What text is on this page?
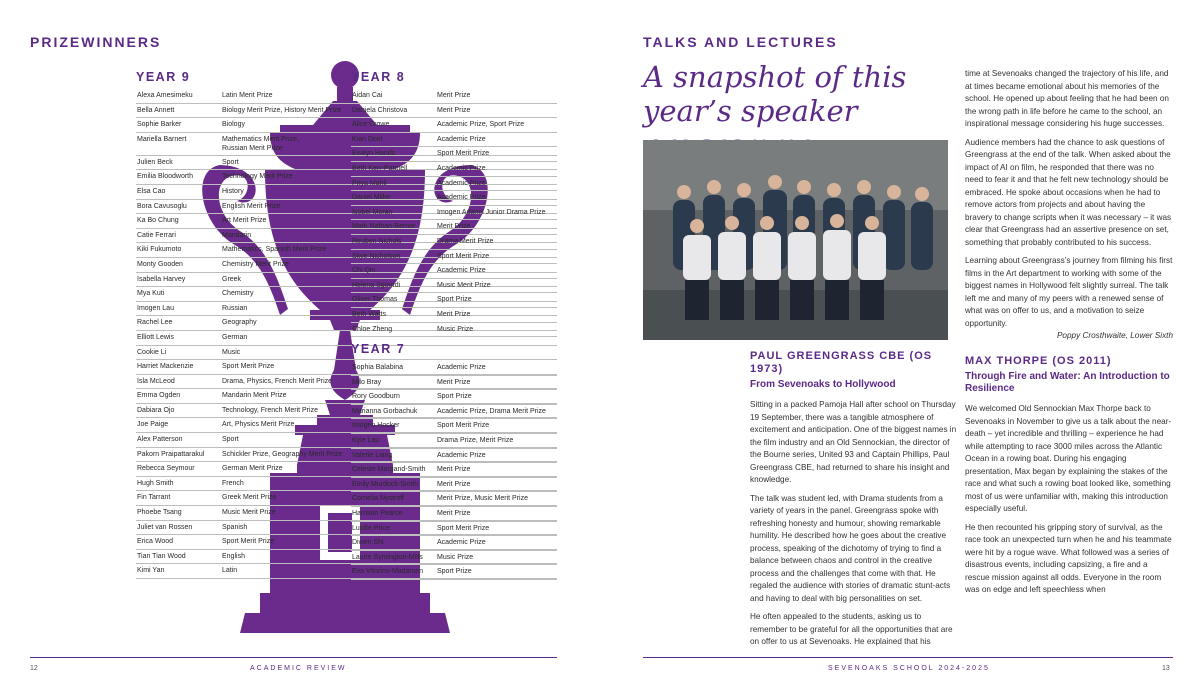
PRIZEWINNERS
YEAR 9
Alexa Amesimeku	Latin Merit Prize
Bella Annett	Biology Merit Prize, History Merit Prize
Sophie Barker	Biology
Mariella Barnert	Mathematics Merit Prize,
Russian Merit Prize
Julien Beck	Sport
Emilia Bloodworth	Technology Merit Prize
Elsa Cao	History
Bora Cavusoglu	English Merit Prize
Ka Bo Chung	Art Merit Prize
Catie Ferrari	Mandarin
Kiki Fukumoto	Mathematics, Spanish Merit Prize
Monty Gooden	Chemistry Merit Prize
Isabella Harvey	Greek
Mya Kuti	Chemistry
Imogen Lau	Russian
Rachel Lee	Geography
Elliott Lewis	German
Cookie Li	Music
Harriet Mackenzie	Sport Merit Prize
Isla McLeod	Drama, Physics, French Merit Prize
Emma Ogden	Mandarin Merit Prize
Dabiara Ojo	Technology, French Merit Prize
Joe Paige	Art, Physics Merit Prize
Alex Patterson	Sport
Pakorn Praipattarakul	Schickler Prize, Geography Merit Prize
Rebecca Seymour	German Merit Prize
Hugh Smith	French
Fin Tarrant	Greek Merit Prize
Phoebe Tsang	Music Merit Prize
Juliet van Rossen	Spanish
Erica Wood	Sport Merit Prize
Tian Tian Wood	English
Kimi Yan	Latin
YEAR 8
Aidan Cai	Merit Prize
Daniela Christova	Merit Prize
Alice Crowe	Academic Prize, Sport Prize
Kian Doel	Academic Prize
Evalyn Hands	Sport Merit Prize
Beth Kerr-Pannell	Academic Prize
Priya Mahli	Academic Prize
Daniel Miller	Academic Prize
Isobel Moran	Imogen Adams Junior Drama Prize
Mark Nathan-Berner	Merit Prize
Reuben Nichols	Drama Merit Prize
Skye Nicholson	Sport Merit Prize
Chi Qin	Academic Prize
Helena Sgourdi	Music Merit Prize
Oliver Thomas	Sport Prize
Beth Watts	Merit Prize
Chloe Zheng	Music Prize
YEAR 7
Sophia Balabina	Academic Prize
Milo Bray	Merit Prize
Rory Goodburn	Sport Prize
Marianna Gorbachuk	Academic Prize, Drama Merit Prize
Imogen Hocker	Sport Merit Prize
Kyle Lau	Drama Prize, Merit Prize
Valerie Liang	Academic Prize
Celeste Margand-Smith	Merit Prize
Emily Murdock-Smith	Merit Prize
Cornelia Nystroff	Merit Prize, Music Merit Prize
Harrison Pearce	Merit Prize
Lucille Price	Sport Merit Prize
Diwen Shi	Academic Prize
Laurie Symington-Mills	Music Prize
Eva Vitorino-Madarsen	Sport Prize
12	ACADEMIC REVIEW
TALKS AND LECTURES
A snapshot of this year’s speaker
PAUL GREENGRASS CBE (OS 1973)
From Sevenoaks to Hollywood

Sitting in a packed Pamoja Hall after school on Thursday 19 September, there was a tangible atmosphere of excitement and anticipation. One of the biggest names in the film industry and an Old Sennockian, the director of the Bourne series, United 93 and Captain Phillips, Paul Greengrass CBE, had returned to share his insight and knowledge.

The talk was student led, with Drama students from a variety of years in the panel. Greengrass spoke with refreshing honesty and humour, showing remarkable humility. He described how he goes about the creative process, speaking of the dichotomy of trying to find a balance between chaos and control in the creative process and the challenges that come with that. He regaled the audience with stories of dramatic stunt-acts and having to deal with big personalities on set.

He often appealed to the students, asking us to remember to be grateful for all the opportunities that are on offer to us at Sevenoaks. He explained that his

time at Sevenoaks changed the trajectory of his life, and at times became emotional about his memories of the school. He opened up about feeling that he had been on the wrong path in life before he came to the school, an inspirational message considering his huge successes.

Audience members had the chance to ask questions of Greengrass at the end of the talk. When asked about the impact of AI on film, he responded that there was no need to fear it and that he felt new technology should be embraced. He spoke about occasions when he had to remove actors from projects and about having the bravery to change scripts when it was necessary – it was clear that Greengrass had an assertive presence on set, something that probably contributed to his success.

Learning about Greengrass’s journey from filming his first films in the Art department to working with some of the biggest names in Hollywood felt slightly surreal. The talk left me and many of my peers with a renewed sense of what was on offer to us, and a motivation to seize opportunity.

Poppy Crosthwaite, Lower Sixth

MAX THORPE (OS 2011)
Through Fire and Water: An Introduction to Resilience

We welcomed Old Sennockian Max Thorpe back to Sevenoaks in November to give us a talk about the near-death – yet incredible and thrilling – experience he had while attempting to race 3000 miles across the Atlantic Ocean in a rowing boat. During his engaging presentation, Max began by explaining the stakes of the race and what such a rowing boat looked like, something most of us were unfamiliar with, making this introduction especially useful.

He then recounted his gripping story of survival, as the race took an unexpected turn when he and his teammate were hit by a rogue wave. What followed was a series of disastrous events, including capsizing, a fire and a rescue mission against all odds. Everyone in the room was on edge and left speechless when

SEVENOAKS SCHOOL 2024-2025	13
